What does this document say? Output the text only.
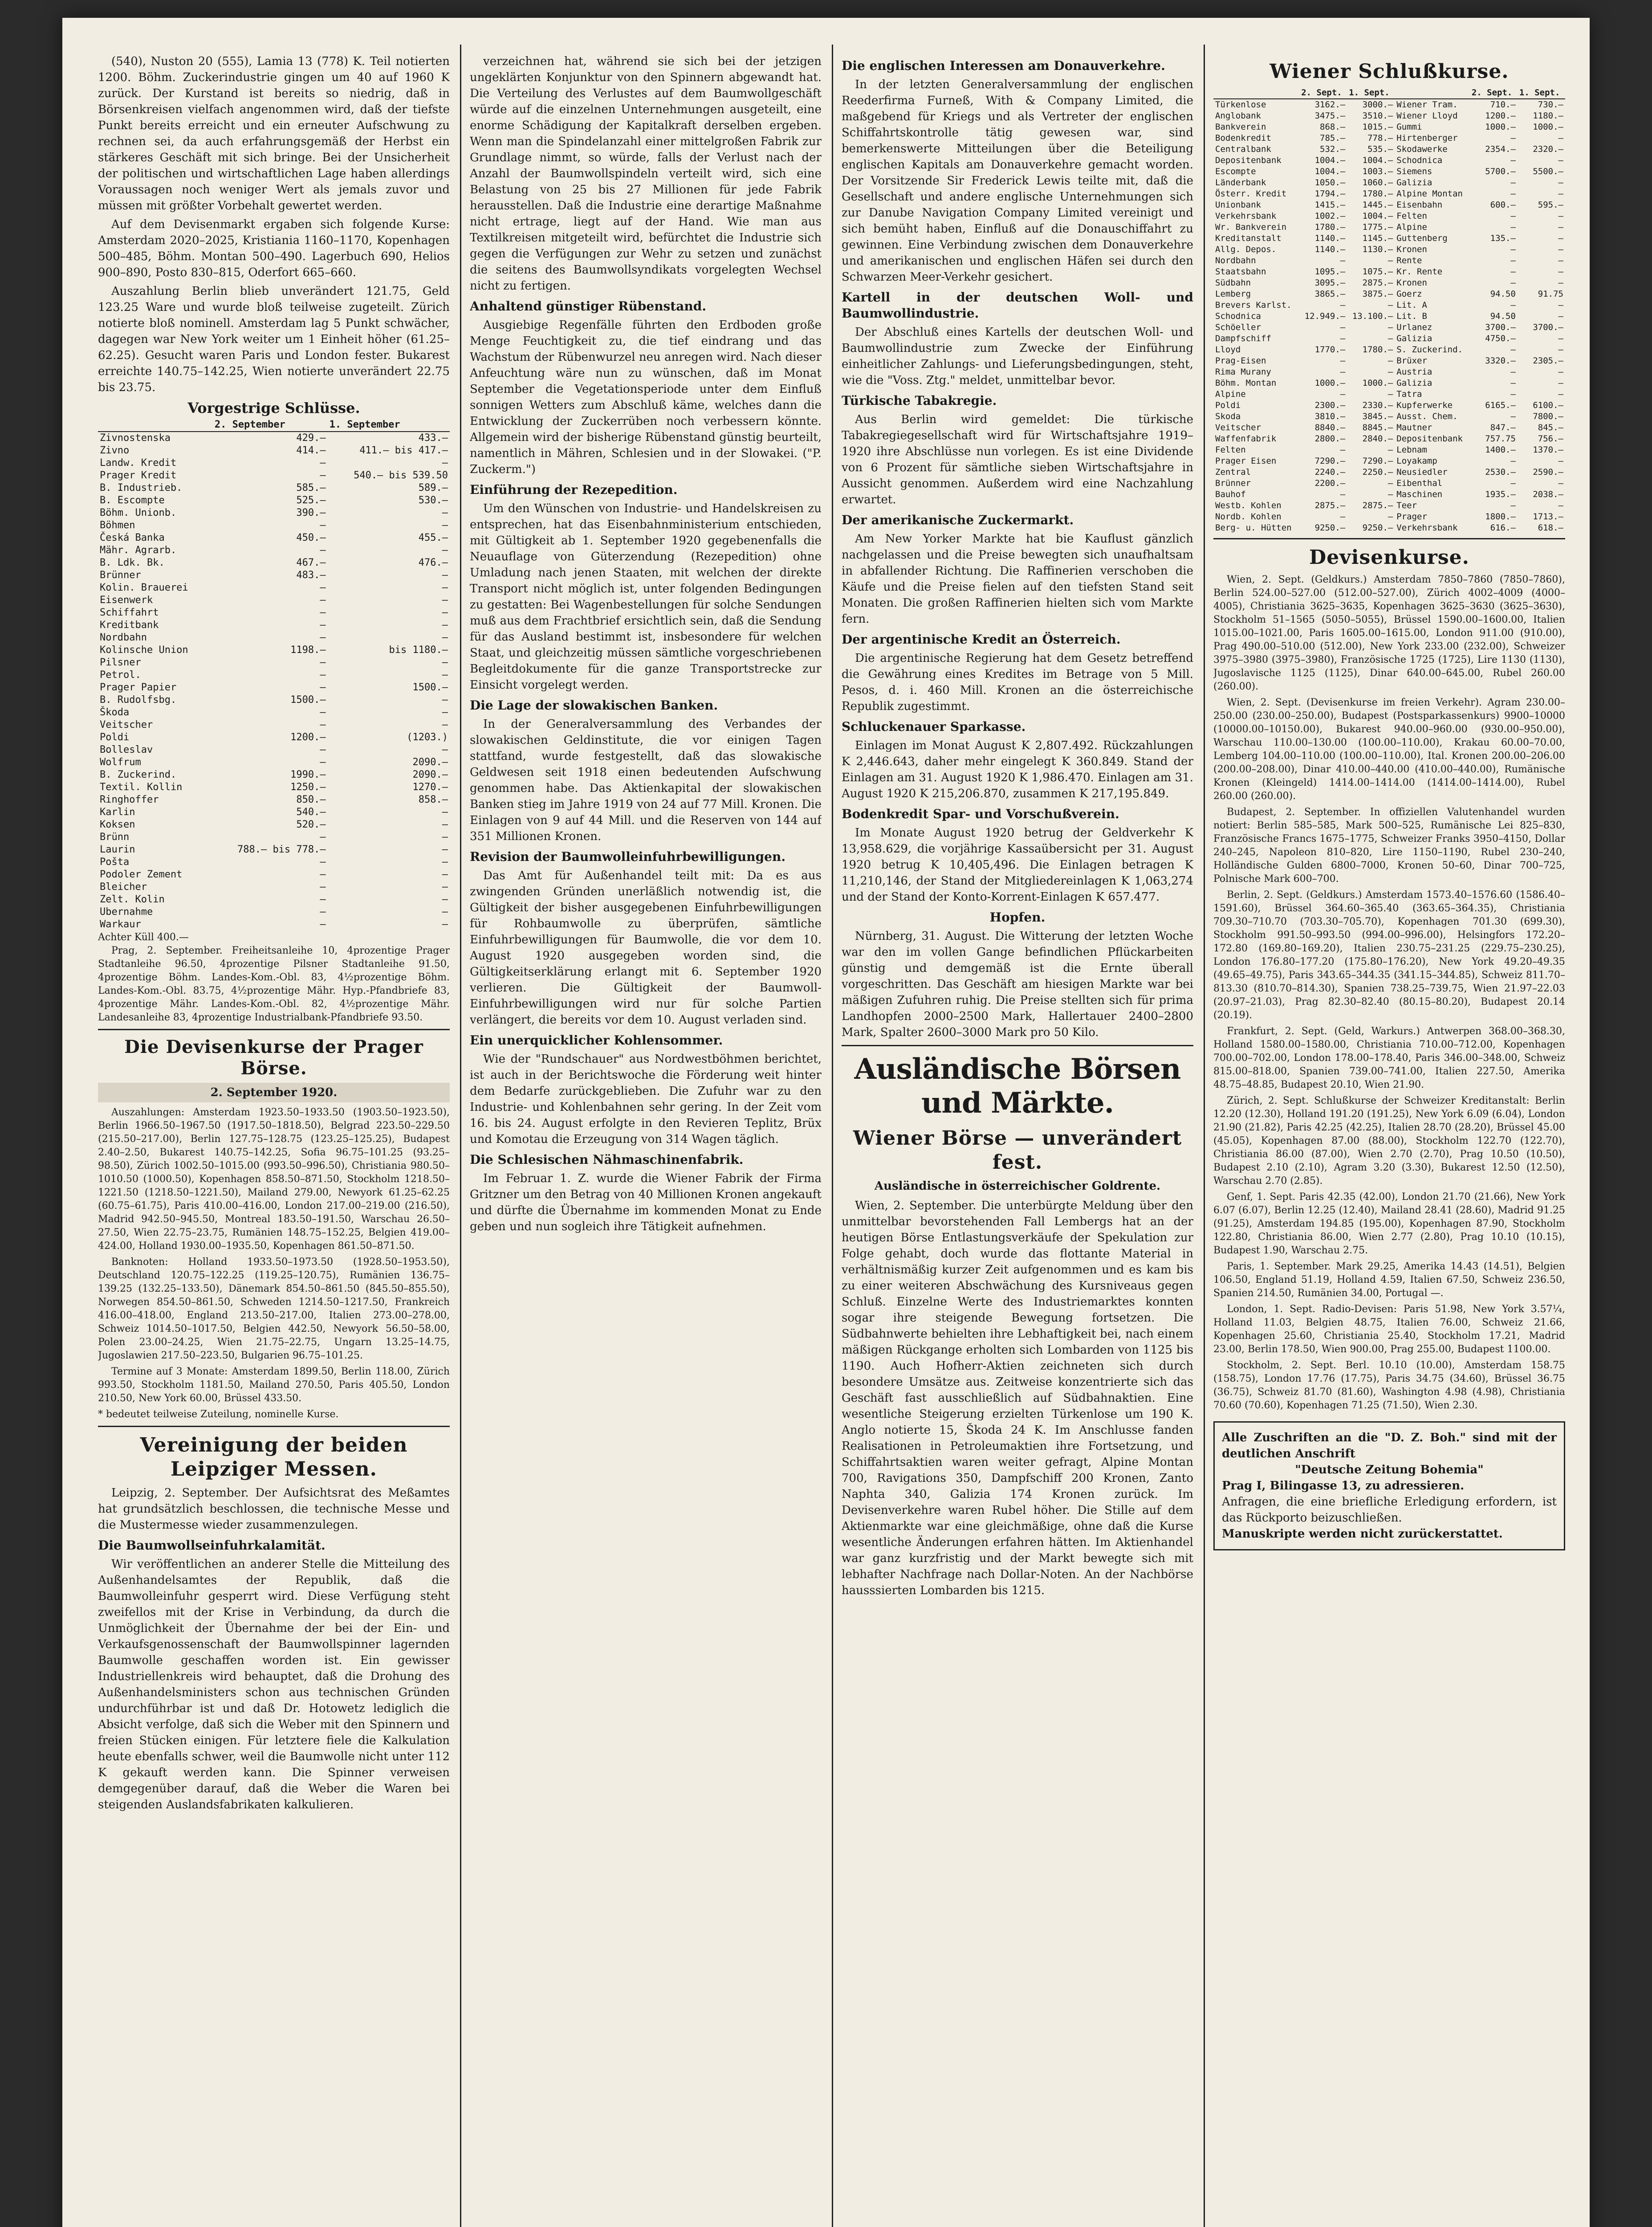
(540), Nuston 20 (555), Lamia 13 (778) K. Teil notierten 1200. Böhm. Zuckerindustrie gingen um 40 auf 1960 K zurück. Der Kurstand ist bereits so niedrig, daß in Börsenkreisen vielfach angenommen wird, daß der tiefste Punkt bereits erreicht und ein erneuter Aufschwung zu rechnen sei, da auch erfahrungsgemäß der Herbst ein stärkeres Geschäft mit sich bringe. Bei der Unsicherheit der politischen und wirtschaftlichen Lage haben allerdings Voraussagen noch weniger Wert als jemals zuvor und müssen mit größter Vorbehalt gewertet werden.

Auf dem Devisenmarkt ergaben sich folgende Kurse: Amsterdam 2020–2025, Kristiania 1160–1170, Kopenhagen 500–485, Böhm. Montan 500–490. Lagerbuch 690, Helios 900–890, Posto 830–815, Oderfort 665–660.

Auszahlung Berlin blieb unverändert 121.75, Geld 123.25 Ware und wurde bloß teilweise zugeteilt. Zürich notierte bloß nominell. Amsterdam lag 5 Punkt schwächer, dagegen war New York weiter um 1 Einheit höher (61.25–62.25). Gesucht waren Paris und London fester. Bukarest erreichte 140.75–142.25, Wien notierte unverändert 22.75 bis 23.75.

Vorgestrige Schlüsse.
	2. September	1. September
Zivnostenska	429.—	433.—
Zivno	414.—	411.— bis 417.—
Landw. Kredit	—	—
Prager Kredit	—	540.— bis 539.50
B. Industrieb.	585.—	589.—
B. Escompte	525.—	530.—
Böhm. Unionb.	390.—	—
Böhmen	—	—
Česká Banka	450.—	455.—
Mähr. Agrarb.	—	—
B. Ldk. Bk.	467.—	476.—
Brünner	483.—	—
Kolin. Brauerei	—	—
Eisenwerk	—	—
Schiffahrt	—	—
Kreditbank	—	—
Nordbahn	—	—
Kolinsche Union	1198.—	bis 1180.—
Pilsner	—	—
Petrol.	—	—
Prager Papier	—	1500.—
B. Rudolfsbg.	1500.—	—
Škoda	—	—
Veitscher	—	—
Poldi	1200.—	(1203.)
Bolleslav	—	—
Wolfrum	—	2090.—
B. Zuckerind.	1990.—	2090.—
Textil. Kollin	1250.—	1270.—
Ringhoffer	850.—	858.—
Karlin	540.—	—
Koksen	520.—	—
Brünn	—	—
Laurin	788.— bis 778.—	—
Pošta	—	—
Podoler Zement	—	—
Bleicher	—	—
Zelt. Kolin	—	—
Ubernahme	—	—
Warkaur	—	—
Achter Küll 400.—

Prag, 2. September. Freiheitsanleihe 10, 4prozentige Prager Stadtanleihe 96.50, 4prozentige Pilsner Stadtanleihe 91.50, 4prozentige Böhm. Landes-Kom.-Obl. 83, 4½prozentige Böhm. Landes-Kom.-Obl. 83.75, 4½prozentige Mähr. Hyp.-Pfandbriefe 83, 4prozentige Mähr. Landes-Kom.-Obl. 82, 4½prozentige Mähr. Landesanleihe 83, 4prozentige Industrialbank-Pfandbriefe 93.50.

Die Devisenkurse der Prager Börse.
2. September 1920.

Auszahlungen: Amsterdam 1923.50–1933.50 (1903.50–1923.50), Berlin 1966.50–1967.50 (1917.50–1818.50), Belgrad 223.50–229.50 (215.50–217.00), Berlin 127.75–128.75 (123.25–125.25), Budapest 2.40–2.50, Bukarest 140.75–142.25, Sofia 96.75–101.25 (93.25–98.50), Zürich 1002.50–1015.00 (993.50–996.50), Christiania 980.50–1010.50 (1000.50), Kopenhagen 858.50–871.50, Stockholm 1218.50–1221.50 (1218.50–1221.50), Mailand 279.00, Newyork 61.25–62.25 (60.75–61.75), Paris 410.00–416.00, London 217.00–219.00 (216.50), Madrid 942.50–945.50, Montreal 183.50–191.50, Warschau 26.50–27.50, Wien 22.75–23.75, Rumänien 148.75–152.25, Belgien 419.00–424.00, Holland 1930.00–1935.50, Kopenhagen 861.50–871.50.

Banknoten: Holland 1933.50–1973.50 (1928.50–1953.50), Deutschland 120.75–122.25 (119.25–120.75), Rumänien 136.75–139.25 (132.25–133.50), Dänemark 854.50–861.50 (845.50–855.50), Norwegen 854.50–861.50, Schweden 1214.50–1217.50, Frankreich 416.00–418.00, England 213.50–217.00, Italien 273.00–278.00, Schweiz 1014.50–1017.50, Belgien 442.50, Newyork 56.50–58.00, Polen 23.00–24.25, Wien 21.75–22.75, Ungarn 13.25–14.75, Jugoslawien 217.50–223.50, Bulgarien 96.75–101.25.

Termine auf 3 Monate: Amsterdam 1899.50, Berlin 118.00, Zürich 993.50, Stockholm 1181.50, Mailand 270.50, Paris 405.50, London 210.50, New York 60.00, Brüssel 433.50.

* bedeutet teilweise Zuteilung, nominelle Kurse.
Vereinigung der beiden Leipziger Messen.

Leipzig, 2. September. Der Aufsichtsrat des Meßamtes hat grundsätzlich beschlossen, die technische Messe und die Mustermesse wieder zusammenzulegen.

Die Baumwollseinfuhrkalamität.

Wir veröffentlichen an anderer Stelle die Mitteilung des Außenhandelsamtes der Republik, daß die Baumwolleinfuhr gesperrt wird. Diese Verfügung steht zweifellos mit der Krise in Verbindung, da durch die Unmöglichkeit der Übernahme der bei der Ein- und Verkaufsgenossenschaft der Baumwollspinner lagernden Baumwolle geschaffen worden ist. Ein gewisser Industriellenkreis wird behauptet, daß die Drohung des Außenhandelsministers schon aus technischen Gründen undurchführbar ist und daß Dr. Hotowetz lediglich die Absicht verfolge, daß sich die Weber mit den Spinnern und freien Stücken einigen. Für letztere fiele die Kalkulation heute ebenfalls schwer, weil die Baumwolle nicht unter 112 K gekauft werden kann. Die Spinner verweisen demgegenüber darauf, daß die Weber die Waren bei steigenden Auslandsfabrikaten kalkulieren.

verzeichnen hat, während sie sich bei der jetzigen ungeklärten Konjunktur von den Spinnern abgewandt hat. Die Verteilung des Verlustes auf dem Baumwollgeschäft würde auf die einzelnen Unternehmungen ausgeteilt, eine enorme Schädigung der Kapitalkraft derselben ergeben. Wenn man die Spindelanzahl einer mittelgroßen Fabrik zur Grundlage nimmt, so würde, falls der Verlust nach der Anzahl der Baumwollspindeln verteilt wird, sich eine Belastung von 25 bis 27 Millionen für jede Fabrik herausstellen. Daß die Industrie eine derartige Maßnahme nicht ertrage, liegt auf der Hand. Wie man aus Textilkreisen mitgeteilt wird, befürchtet die Industrie sich gegen die Verfügungen zur Wehr zu setzen und zunächst die seitens des Baumwollsyndikats vorgelegten Wechsel nicht zu fertigen.

Anhaltend günstiger Rübenstand.

Ausgiebige Regenfälle führten den Erdboden große Menge Feuchtigkeit zu, die tief eindrang und das Wachstum der Rübenwurzel neu anregen wird. Nach dieser Anfeuchtung wäre nun zu wünschen, daß im Monat September die Vegetationsperiode unter dem Einfluß sonnigen Wetters zum Abschluß käme, welches dann die Entwicklung der Zuckerrüben noch verbessern könnte. Allgemein wird der bisherige Rübenstand günstig beurteilt, namentlich in Mähren, Schlesien und in der Slowakei. ("P. Zuckerm.")

Einführung der Rezepedition.

Um den Wünschen von Industrie- und Handelskreisen zu entsprechen, hat das Eisenbahnministerium entschieden, mit Gültigkeit ab 1. September 1920 gegebenenfalls die Neuauflage von Güterzendung (Rezepedition) ohne Umladung nach jenen Staaten, mit welchen der direkte Transport nicht möglich ist, unter folgenden Bedingungen zu gestatten: Bei Wagenbestellungen für solche Sendungen muß aus dem Frachtbrief ersichtlich sein, daß die Sendung für das Ausland bestimmt ist, insbesondere für welchen Staat, und gleichzeitig müssen sämtliche vorgeschriebenen Begleitdokumente für die ganze Transportstrecke zur Einsicht vorgelegt werden.

Die Lage der slowakischen Banken.

In der Generalversammlung des Verbandes der slowakischen Geldinstitute, die vor einigen Tagen stattfand, wurde festgestellt, daß das slowakische Geldwesen seit 1918 einen bedeutenden Aufschwung genommen habe. Das Aktienkapital der slowakischen Banken stieg im Jahre 1919 von 24 auf 77 Mill. Kronen. Die Einlagen von 9 auf 44 Mill. und die Reserven von 144 auf 351 Millionen Kronen.

Revision der Baumwolleinfuhrbewilligungen.

Das Amt für Außenhandel teilt mit: Da es aus zwingenden Gründen unerläßlich notwendig ist, die Gültigkeit der bisher ausgegebenen Einfuhrbewilligungen für Rohbaumwolle zu überprüfen, sämtliche Einfuhrbewilligungen für Baumwolle, die vor dem 10. August 1920 ausgegeben worden sind, die Gültigkeitserklärung erlangt mit 6. September 1920 verlieren. Die Gültigkeit der Baumwoll-Einfuhrbewilligungen wird nur für solche Partien verlängert, die bereits vor dem 10. August verladen sind.

Ein unerquicklicher Kohlensommer.

Wie der "Rundschauer" aus Nordwestböhmen berichtet, ist auch in der Berichtswoche die Förderung weit hinter dem Bedarfe zurückgeblieben. Die Zufuhr war zu den Industrie- und Kohlenbahnen sehr gering. In der Zeit vom 16. bis 24. August erfolgte in den Revieren Teplitz, Brüx und Komotau die Erzeugung von 314 Wagen täglich.

Die Schlesischen Nähmaschinenfabrik.

Im Februar 1. Z. wurde die Wiener Fabrik der Firma Gritzner um den Betrag von 40 Millionen Kronen angekauft und dürfte die Übernahme im kommenden Monat zu Ende geben und nun sogleich ihre Tätigkeit aufnehmen.

Die englischen Interessen am Donauverkehre.

In der letzten Generalversammlung der englischen Reederfirma Furneß, With & Company Limited, die maßgebend für Kriegs und als Vertreter der englischen Schiffahrtskontrolle tätig gewesen war, sind bemerkenswerte Mitteilungen über die Beteiligung englischen Kapitals am Donauverkehre gemacht worden. Der Vorsitzende Sir Frederick Lewis teilte mit, daß die Gesellschaft und andere englische Unternehmungen sich zur Danube Navigation Company Limited vereinigt und sich bemüht haben, Einfluß auf die Donauschiffahrt zu gewinnen. Eine Verbindung zwischen dem Donauverkehre und amerikanischen und englischen Häfen sei durch den Schwarzen Meer-Verkehr gesichert.

Kartell in der deutschen Woll- und Baumwollindustrie.

Der Abschluß eines Kartells der deutschen Woll- und Baumwollindustrie zum Zwecke der Einführung einheitlicher Zahlungs- und Lieferungsbedingungen, steht, wie die "Voss. Ztg." meldet, unmittelbar bevor.

Türkische Tabakregie.

Aus Berlin wird gemeldet: Die türkische Tabakregiegesellschaft wird für Wirtschaftsjahre 1919–1920 ihre Abschlüsse nun vorlegen. Es ist eine Dividende von 6 Prozent für sämtliche sieben Wirtschaftsjahre in Aussicht genommen. Außerdem wird eine Nachzahlung erwartet.

Der amerikanische Zuckermarkt.

Am New Yorker Markte hat bie Kauflust gänzlich nachgelassen und die Preise bewegten sich unaufhaltsam in abfallender Richtung. Die Raffinerien verschoben die Käufe und die Preise fielen auf den tiefsten Stand seit Monaten. Die großen Raffinerien hielten sich vom Markte fern.

Der argentinische Kredit an Österreich.

Die argentinische Regierung hat dem Gesetz betreffend die Gewährung eines Kredites im Betrage von 5 Mill. Pesos, d. i. 460 Mill. Kronen an die österreichische Republik zugestimmt.

Schluckenauer Sparkasse.

Einlagen im Monat August K 2,807.492. Rückzahlungen K 2,446.643, daher mehr eingelegt K 360.849. Stand der Einlagen am 31. August 1920 K 1,986.470. Einlagen am 31. August 1920 K 215,206.870, zusammen K 217,195.849.

Bodenkredit Spar- und Vorschußverein.

Im Monate August 1920 betrug der Geldverkehr K 13,958.629, die vorjährige Kassaübersicht per 31. August 1920 betrug K 10,405,496. Die Einlagen betragen K 11,210,146, der Stand der Mitgliedereinlagen K 1,063,274 und der Stand der Konto-Korrent-Einlagen K 657.477.

Hopfen.

Nürnberg, 31. August. Die Witterung der letzten Woche war den im vollen Gange befindlichen Pflückarbeiten günstig und demgemäß ist die Ernte überall vorgeschritten. Das Geschäft am hiesigen Markte war bei mäßigen Zufuhren ruhig. Die Preise stellten sich für prima Landhopfen 2000–2500 Mark, Hallertauer 2400–2800 Mark, Spalter 2600–3000 Mark pro 50 Kilo.

Ausländische Börsen und Märkte.
Wiener Börse — unverändert fest.
Ausländische in österreichischer Goldrente.

Wien, 2. September. Die unterbürgte Meldung über den unmittelbar bevorstehenden Fall Lembergs hat an der heutigen Börse Entlastungsverkäufe der Spekulation zur Folge gehabt, doch wurde das flottante Material in verhältnismäßig kurzer Zeit aufgenommen und es kam bis zu einer weiteren Abschwächung des Kursniveaus gegen Schluß. Einzelne Werte des Industriemarktes konnten sogar ihre steigende Bewegung fortsetzen. Die Südbahnwerte behielten ihre Lebhaftigkeit bei, nach einem mäßigen Rückgange erholten sich Lombarden von 1125 bis 1190. Auch Hofherr-Aktien zeichneten sich durch besondere Umsätze aus. Zeitweise konzentrierte sich das Geschäft fast ausschließlich auf Südbahnaktien. Eine wesentliche Steigerung erzielten Türkenlose um 190 K. Anglo notierte 15, Škoda 24 K. Im Anschlusse fanden Realisationen in Petroleumaktien ihre Fortsetzung, und Schiffahrtsaktien waren weiter gefragt, Alpine Montan 700, Ravigations 350, Dampfschiff 200 Kronen, Zanto Naphta 340, Galizia 174 Kronen zurück. Im Devisenverkehre waren Rubel höher. Die Stille auf dem Aktienmarkte war eine gleichmäßige, ohne daß die Kurse wesentliche Änderungen erfahren hätten. Im Aktienhandel war ganz kurzfristig und der Markt bewegte sich mit lebhafter Nachfrage nach Dollar-Noten. An der Nachbörse hausssierten Lombarden bis 1215.

Wiener Schlußkurse.
	2. Sept.	1. Sept.		2. Sept.	1. Sept.
Türkenlose	3162.—	3000.—	Wiener Tram.	710.—	730.—
Anglobank	3475.—	3510.—	Wiener Lloyd	1200.—	1180.—
Bankverein	868.—	1015.—	Gummi	1000.—	1000.—
Bodenkredit	785.—	778.—	Hirtenberger	—	—
Centralbank	532.—	535.—	Skodawerke	2354.—	2320.—
Depositenbank	1004.—	1004.—	Schodnica	—	—
Escompte	1004.—	1003.—	Siemens	5700.—	5500.—
Länderbank	1050.—	1060.—	Galizia	—	—
Österr. Kredit	1794.—	1780.—	Alpine Montan	—	—
Unionbank	1415.—	1445.—	Eisenbahn	600.—	595.—
Verkehrsbank	1002.—	1004.—	Felten	—	—
Wr. Bankverein	1780.—	1775.—	Alpine	—	—
Kreditanstalt	1140.—	1145.—	Guttenberg	135.—	—
Allg. Depos.	1140.—	1130.—	Kronen	—	—
Nordbahn	—	—	Rente	—	—
Staatsbahn	1095.—	1075.—	Kr. Rente	—	—
Südbahn	3095.—	2875.—	Kronen	—	—
Lemberg	3865.—	3875.—	Goerz	94.50	91.75
Brevers Karlst.	—	—	Lit. A	—	—
Schodnica	12.949.—	13.100.—	Lit. B	94.50	—
Schöeller	—	—	Urlanez	3700.—	3700.—
Dampfschiff	—	—	Galizia	4750.—	—
Lloyd	1770.—	1780.—	S. Zuckerind.	—	—
Prag-Eisen	—	—	Brüxer	3320.—	2305.—
Rima Murany	—	—	Austria	—	—
Böhm. Montan	1000.—	1000.—	Galizia	—	—
Alpine	—	—	Tatra	—	—
Poldi	2300.—	2330.—	Kupferwerke	6165.—	6100.—
Skoda	3810.—	3845.—	Ausst. Chem.	—	7800.—
Veitscher	8840.—	8845.—	Mautner	847.—	845.—
Waffenfabrik	2800.—	2840.—	Depositenbank	757.75	756.—
Felten	—	—	Lebnam	1400.—	1370.—
Prager Eisen	7290.—	7290.—	Loyakamp	—	—
Zentral	2240.—	2250.—	Neusiedler	2530.—	2590.—
Brünner	2200.—	—	Eibenthal	—	—
Bauhof	—	—	Maschinen	1935.—	2038.—
Westb. Kohlen	2875.—	2875.—	Teer	—	—
Nordb. Kohlen	—	—	Prager	1800.—	1713.—
Berg- u. Hütten	9250.—	9250.—	Verkehrsbank	616.—	618.—
Devisenkurse.

Wien, 2. Sept. (Geldkurs.) Amsterdam 7850–7860 (7850–7860), Berlin 524.00–527.00 (512.00–527.00), Zürich 4002–4009 (4000–4005), Christiania 3625–3635, Kopenhagen 3625–3630 (3625–3630), Stockholm 51–1565 (5050–5055), Brüssel 1590.00–1600.00, Italien 1015.00–1021.00, Paris 1605.00–1615.00, London 911.00 (910.00), Prag 490.00–510.00 (512.00), New York 233.00 (232.00), Schweizer 3975–3980 (3975–3980), Französische 1725 (1725), Lire 1130 (1130), Jugoslavische 1125 (1125), Dinar 640.00–645.00, Rubel 260.00 (260.00).

Wien, 2. Sept. (Devisenkurse im freien Verkehr). Agram 230.00–250.00 (230.00–250.00), Budapest (Postsparkassenkurs) 9900–10000 (10000.00–10150.00), Bukarest 940.00–960.00 (930.00–950.00), Warschau 110.00–130.00 (100.00–110.00), Krakau 60.00–70.00, Lemberg 104.00–110.00 (100.00–110.00), Ital. Kronen 200.00–206.00 (200.00–208.00), Dinar 410.00–440.00 (410.00–440.00), Rumänische Kronen (Kleingeld) 1414.00–1414.00 (1414.00–1414.00), Rubel 260.00 (260.00).

Budapest, 2. September. In offiziellen Valutenhandel wurden notiert: Berlin 585–585, Mark 500–525, Rumänische Lei 825–830, Französische Francs 1675–1775, Schweizer Franks 3950–4150, Dollar 240–245, Napoleon 810–820, Lire 1150–1190, Rubel 230–240, Holländische Gulden 6800–7000, Kronen 50–60, Dinar 700–725, Polnische Mark 600–700.

Berlin, 2. Sept. (Geldkurs.) Amsterdam 1573.40–1576.60 (1586.40–1591.60), Brüssel 364.60–365.40 (363.65–364.35), Christiania 709.30–710.70 (703.30–705.70), Kopenhagen 701.30 (699.30), Stockholm 991.50–993.50 (994.00–996.00), Helsingfors 172.20–172.80 (169.80–169.20), Italien 230.75–231.25 (229.75–230.25), London 176.80–177.20 (175.80–176.20), New York 49.20–49.35 (49.65–49.75), Paris 343.65–344.35 (341.15–344.85), Schweiz 811.70–813.30 (810.70–814.30), Spanien 738.25–739.75, Wien 21.97–22.03 (20.97–21.03), Prag 82.30–82.40 (80.15–80.20), Budapest 20.14 (20.19).

Frankfurt, 2. Sept. (Geld, Warkurs.) Antwerpen 368.00–368.30, Holland 1580.00–1580.00, Christiania 710.00–712.00, Kopenhagen 700.00–702.00, London 178.00–178.40, Paris 346.00–348.00, Schweiz 815.00–818.00, Spanien 739.00–741.00, Italien 227.50, Amerika 48.75–48.85, Budapest 20.10, Wien 21.90.

Zürich, 2. Sept. Schlußkurse der Schweizer Kreditanstalt: Berlin 12.20 (12.30), Holland 191.20 (191.25), New York 6.09 (6.04), London 21.90 (21.82), Paris 42.25 (42.25), Italien 28.70 (28.20), Brüssel 45.00 (45.05), Kopenhagen 87.00 (88.00), Stockholm 122.70 (122.70), Christiania 86.00 (87.00), Wien 2.70 (2.70), Prag 10.50 (10.50), Budapest 2.10 (2.10), Agram 3.20 (3.30), Bukarest 12.50 (12.50), Warschau 2.70 (2.85).

Genf, 1. Sept. Paris 42.35 (42.00), London 21.70 (21.66), New York 6.07 (6.07), Berlin 12.25 (12.40), Mailand 28.41 (28.60), Madrid 91.25 (91.25), Amsterdam 194.85 (195.00), Kopenhagen 87.90, Stockholm 122.80, Christiania 86.00, Wien 2.77 (2.80), Prag 10.10 (10.15), Budapest 1.90, Warschau 2.75.

Paris, 1. September. Mark 29.25, Amerika 14.43 (14.51), Belgien 106.50, England 51.19, Holland 4.59, Italien 67.50, Schweiz 236.50, Spanien 214.50, Rumänien 34.00, Portugal —.

London, 1. Sept. Radio-Devisen: Paris 51.98, New York 3.57¼, Holland 11.03, Belgien 48.75, Italien 76.00, Schweiz 21.66, Kopenhagen 25.60, Christiania 25.40, Stockholm 17.21, Madrid 23.00, Berlin 178.50, Wien 900.00, Prag 255.00, Budapest 1100.00.

Stockholm, 2. Sept. Berl. 10.10 (10.00), Amsterdam 158.75 (158.75), London 17.76 (17.75), Paris 34.75 (34.60), Brüssel 36.75 (36.75), Schweiz 81.70 (81.60), Washington 4.98 (4.98), Christiania 70.60 (70.60), Kopenhagen 71.25 (71.50), Wien 2.30.

Alle Zuschriften an die "D. Z. Boh." sind mit der deutlichen Anschrift
"Deutsche Zeitung Bohemia"
Prag I, Bilingasse 13, zu adressieren.
Anfragen, die eine briefliche Erledigung erfordern, ist das Rückporto beizuschließen.
Manuskripte werden nicht zurückerstattet.
